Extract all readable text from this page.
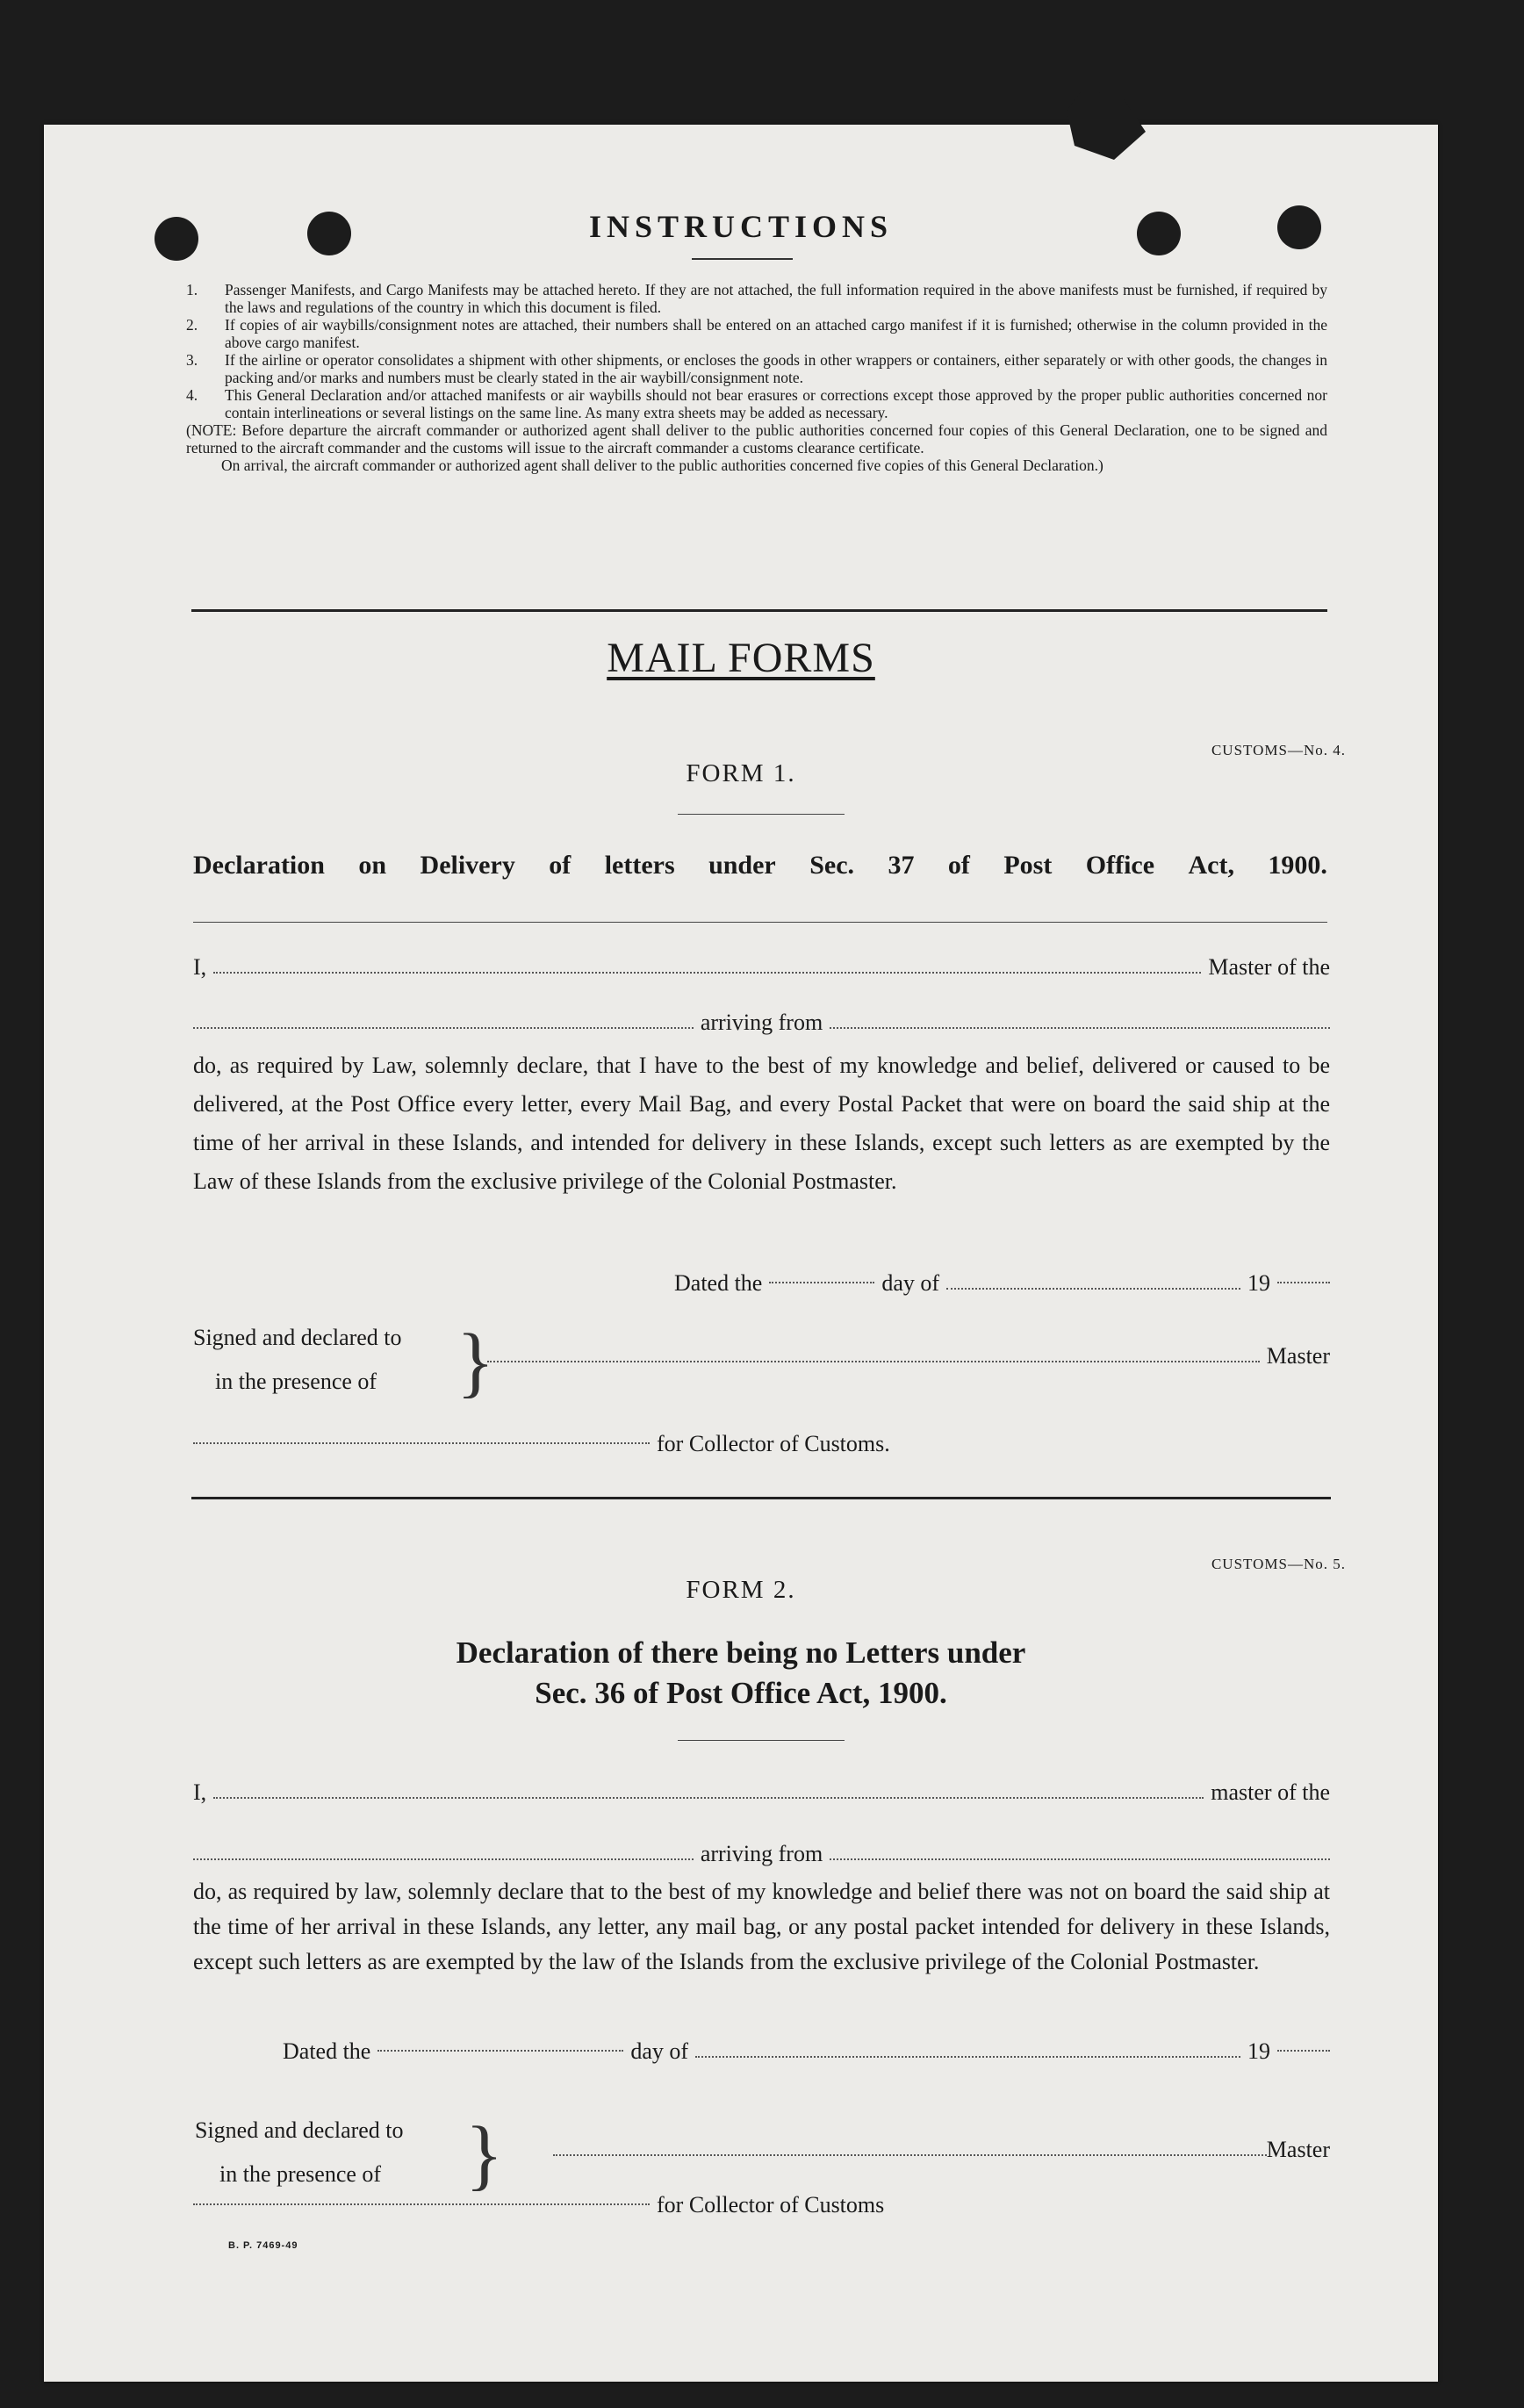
INSTRUCTIONS
1.	Passenger Manifests, and Cargo Manifests may be attached hereto. If they are not attached, the full information required in the above manifests must be furnished, if required by the laws and regulations of the country in which this document is filed.
2.	If copies of air waybills/consignment notes are attached, their numbers shall be entered on an attached cargo manifest if it is furnished; otherwise in the column provided in the above cargo manifest.
3.	If the airline or operator consolidates a shipment with other shipments, or encloses the goods in other wrappers or containers, either separately or with other goods, the changes in packing and/or marks and numbers must be clearly stated in the air waybill/consignment note.
4.	This General Declaration and/or attached manifests or air waybills should not bear erasures or corrections except those approved by the proper public authorities concerned nor contain interlineations or several listings on the same line. As many extra sheets may be added as necessary.
(NOTE: Before departure the aircraft commander or authorized agent shall deliver to the public authorities concerned four copies of this General Declaration, one to be signed and returned to the aircraft commander and the customs will issue to the aircraft commander a customs clearance certificate.
On arrival, the aircraft commander or authorized agent shall deliver to the public authorities concerned five copies of this General Declaration.)
MAIL FORMS
CUSTOMS—No. 4.
FORM 1.
Declaration on Delivery of letters under Sec. 37 of Post Office Act, 1900.
I,	Master of the
arriving from
do, as required by Law, solemnly declare, that I have to the best of my knowledge and belief, delivered or caused to be delivered, at the Post Office every letter, every Mail Bag, and every Postal Packet that were on board the said ship at the time of her arrival in these Islands, and intended for delivery in these Islands, except such letters as are exempted by the Law of these Islands from the exclusive privilege of the Colonial Postmaster.
Dated the	day of	19
Signed and declared to
in the presence of	}	Master
for Collector of Customs.
CUSTOMS—No. 5.
FORM 2.
Declaration of there being no Letters under
Sec. 36 of Post Office Act, 1900.
I,	master of the
arriving from
do, as required by law, solemnly declare that to the best of my knowledge and belief there was not on board the said ship at the time of her arrival in these Islands, any letter, any mail bag, or any postal packet intended for delivery in these Islands, except such letters as are exempted by the law of the Islands from the exclusive privilege of the Colonial Postmaster.
Dated the	day of	19
Signed and declared to
in the presence of }	Master
for Collector of Customs
B. P. 7469-49
